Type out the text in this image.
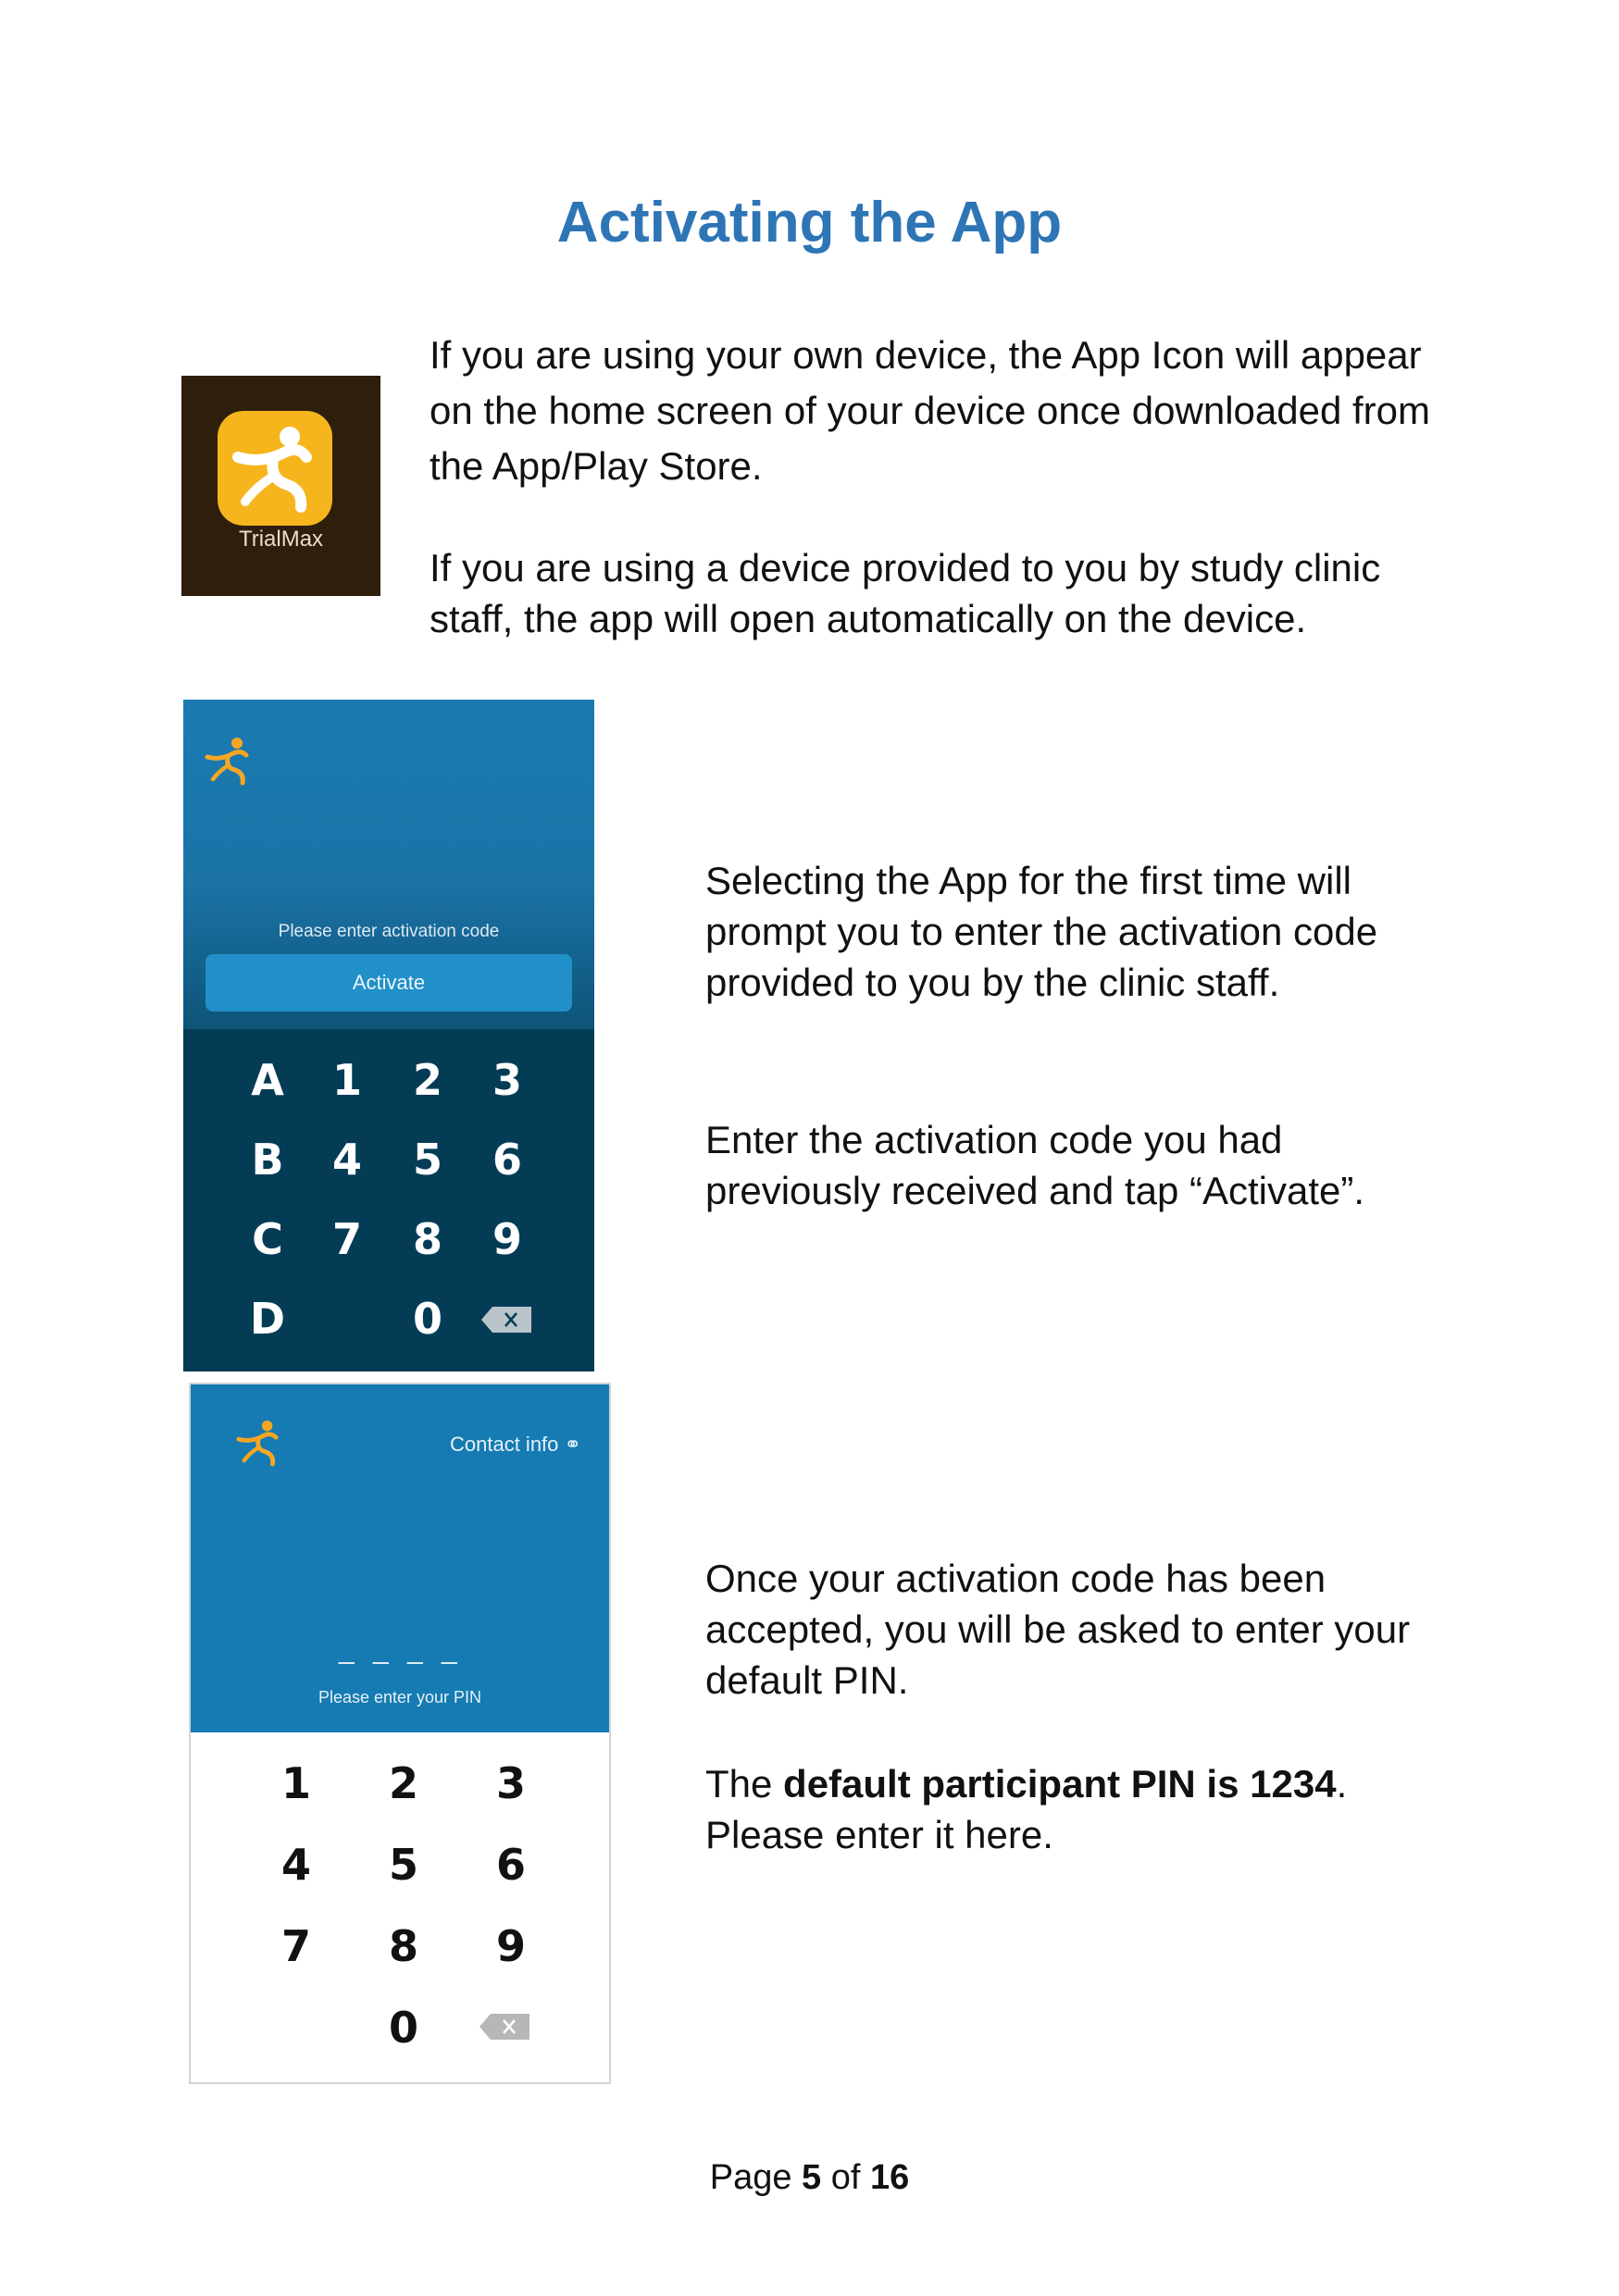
Activating the App
TrialMax
If you are using your own device, the App Icon will appear
on the home screen of your device once downloaded from
the App/Play Store.
If you are using a device provided to you by study clinic
staff, the app will open automatically on the device.
Please enter activation code
Activate
A 1 2 3
B 4 5 6
C 7 8 9
D	0
Selecting the App for the first time will
prompt you to enter the activation code
provided to you by the clinic staff.
Enter the activation code you had
previously received and tap “Activate”.
Contact info ⚭
_ _ _ _
Please enter your PIN
1 2 3
4 5 6
7 8 9
0
Once your activation code has been
accepted, you will be asked to enter your
default PIN.
The default participant PIN is 1234.
Please enter it here.
Page 5 of 16
